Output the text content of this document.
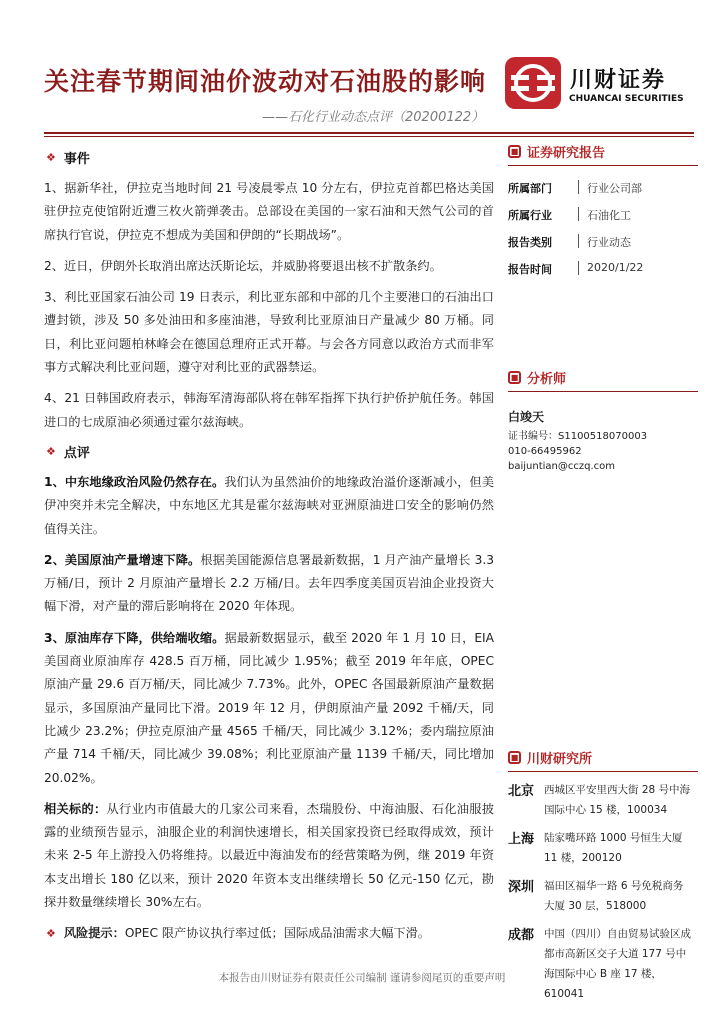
关注春节期间油价波动对石油股的影响
——石化行业动态点评（20200122）
川财证券
CHUANCAI SECURITIES
❖ 事件

1、据新华社，伊拉克当地时间 21 号凌晨零点 10 分左右，伊拉克首都巴格达美国驻伊拉克使馆附近遭三枚火箭弹袭击。总部设在美国的一家石油和天然气公司的首席执行官说，伊拉克不想成为美国和伊朗的“长期战场”。

2、近日，伊朗外长取消出席达沃斯论坛，并威胁将要退出核不扩散条约。

3、利比亚国家石油公司 19 日表示，利比亚东部和中部的几个主要港口的石油出口遭封锁，涉及 50 多处油田和多座油港，导致利比亚原油日产量减少 80 万桶。同日，利比亚问题柏林峰会在德国总理府正式开幕。与会各方同意以政治方式而非军事方式解决利比亚问题，遵守对利比亚的武器禁运。

4、21 日韩国政府表示，韩海军清海部队将在韩军指挥下执行护侨护航任务。韩国进口的七成原油必须通过霍尔兹海峡。

❖ 点评

1、中东地缘政治风险仍然存在。我们认为虽然油价的地缘政治溢价逐渐减小，但美伊冲突并未完全解决，中东地区尤其是霍尔兹海峡对亚洲原油进口安全的影响仍然值得关注。

2、美国原油产量增速下降。根据美国能源信息署最新数据，1 月产油产量增长 3.3 万桶/日，预计 2 月原油产量增长 2.2 万桶/日。去年四季度美国页岩油企业投资大幅下滑，对产量的滞后影响将在 2020 年体现。

3、原油库存下降，供给端收缩。据最新数据显示，截至 2020 年 1 月 10 日，EIA 美国商业原油库存 428.5 百万桶，同比减少 1.95%；截至 2019 年年底，OPEC 原油产量 29.6 百万桶/天，同比减少 7.73%。此外，OPEC 各国最新原油产量数据显示，多国原油产量同比下滑。2019 年 12 月，伊朗原油产量 2092 千桶/天，同比减少 23.2%；伊拉克原油产量 4565 千桶/天，同比减少 3.12%；委内瑞拉原油产量 714 千桶/天，同比减少 39.08%；利比亚原油产量 1139 千桶/天，同比增加 20.02%。

相关标的：从行业内市值最大的几家公司来看，杰瑞股份、中海油服、石化油服披露的业绩预告显示，油服企业的利润快速增长，相关国家投资已经取得成效，预计未来 2-5 年上游投入仍将维持。以最近中海油发布的经营策略为例，继 2019 年资本支出增长 180 亿以来，预计 2020 年资本支出继续增长 50 亿元-150 亿元，勘探井数量继续增长 30%左右。

❖ 风险提示：OPEC 限产协议执行率过低；国际成品油需求大幅下滑。
■ 证券研究报告
所属部门	行业公司部
所属行业	石油化工
报告类别	行业动态
报告时间	2020/1/22
■ 分析师
白竣天
证书编号：S1100518070003
010-66495962
baijuntian@cczq.com
■ 川财研究所
北京 西城区平安里西大街 28 号中海国际中心 15 楼，100034
上海 陆家嘴环路 1000 号恒生大厦 11 楼，200120
深圳 福田区福华一路 6 号免税商务大厦 30 层，518000
成都 中国（四川）自由贸易试验区成都市高新区交子大道 177 号中海国际中心 B 座 17 楼，610041
本报告由川财证券有限责任公司编制 谨请参阅尾页的重要声明
